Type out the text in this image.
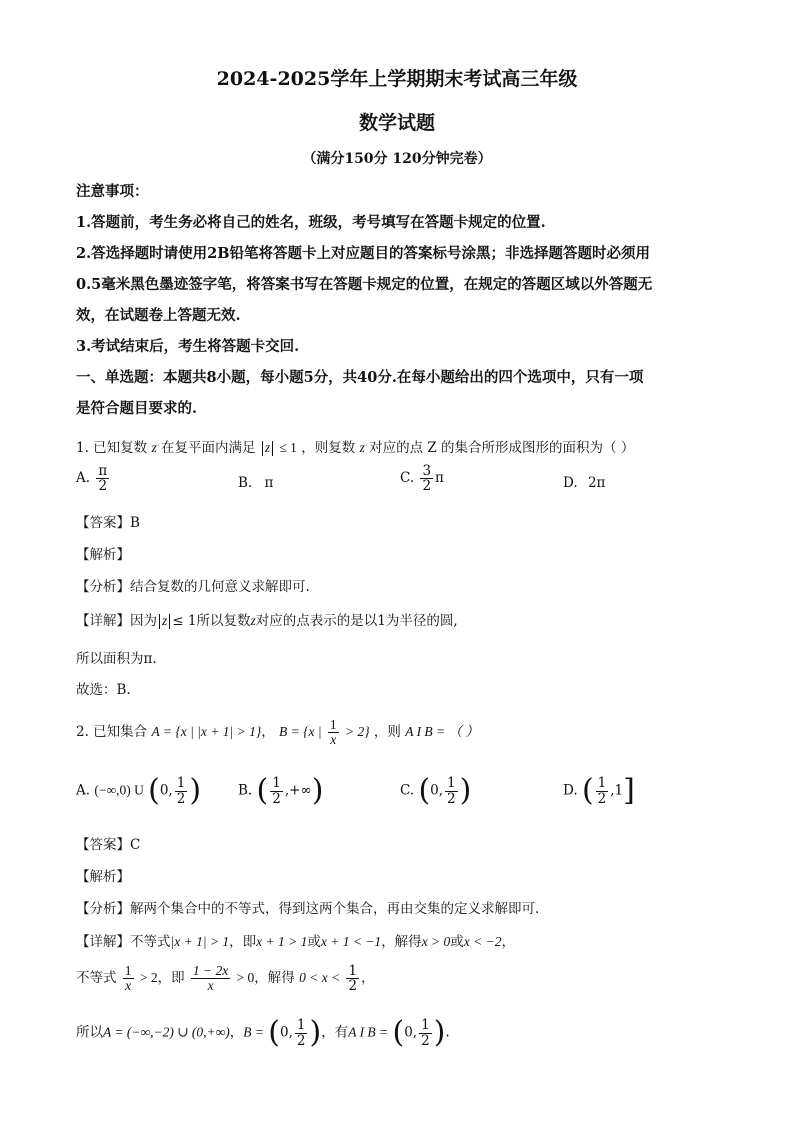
2024-2025学年上学期期末考试高三年级
数学试题
（满分150分 120分钟完卷）
注意事项：
1.答题前，考生务必将自己的姓名，班级，考号填写在答题卡规定的位置.
2.答选择题时请使用2B铅笔将答题卡上对应题目的答案标号涂黑；非选择题答题时必须用
0.5毫米黑色墨迹签字笔，将答案书写在答题卡规定的位置，在规定的答题区域以外答题无
效，在试题卷上答题无效.
3.考试结束后，考生将答题卡交回.
一、单选题：本题共8小题，每小题5分，共40分.在每小题给出的四个选项中，只有一项
是符合题目要求的.
1. 已知复数 z 在复平面内满足 z ≤ 1 ，则复数 z 对应的点 Z 的集合所形成图形的面积为（ ）
A. $\frac{\pi}{2}$	B. π	C. $\frac{3}{2}$ π	D. 2π
【答案】B
【解析】
【分析】结合复数的几何意义求解即可.
【详解】因为 z ≤ 1所以复数z对应的点表示的是以1为半径的圆,
所以面积为π.
故选：B.
2. 已知集合 A = {x | |x + 1| > 1}， B = {x | $\frac{1}{x} > 2$} ，则 A I B = （ ）
A. (−∞,0) U (0, $\frac{1}{2}$ )	B. ( $\frac{1}{2}$ ,+∞)	C. (0, $\frac{1}{2}$ )	D. ( $\frac{1}{2} ,1$]
【答案】C
【解析】
【分析】解两个集合中的不等式，得到这两个集合，再由交集的定义求解即可.
【详解】不等式|x + 1| > 1，即x + 1 > 1或x + 1 < −1，解得x > 0或x < −2，
不等式 $\frac{1}{x} > 2$，即 $\frac{1 - 2x}{x} > 0$，解得 $0 < x < \frac{1}{2}$ ，
所以A = (−∞,−2) ∪ (0,+∞)，B = (0, $\frac{1}{2}$ )，有A I B = (0, $\frac{1}{2}$ ).
